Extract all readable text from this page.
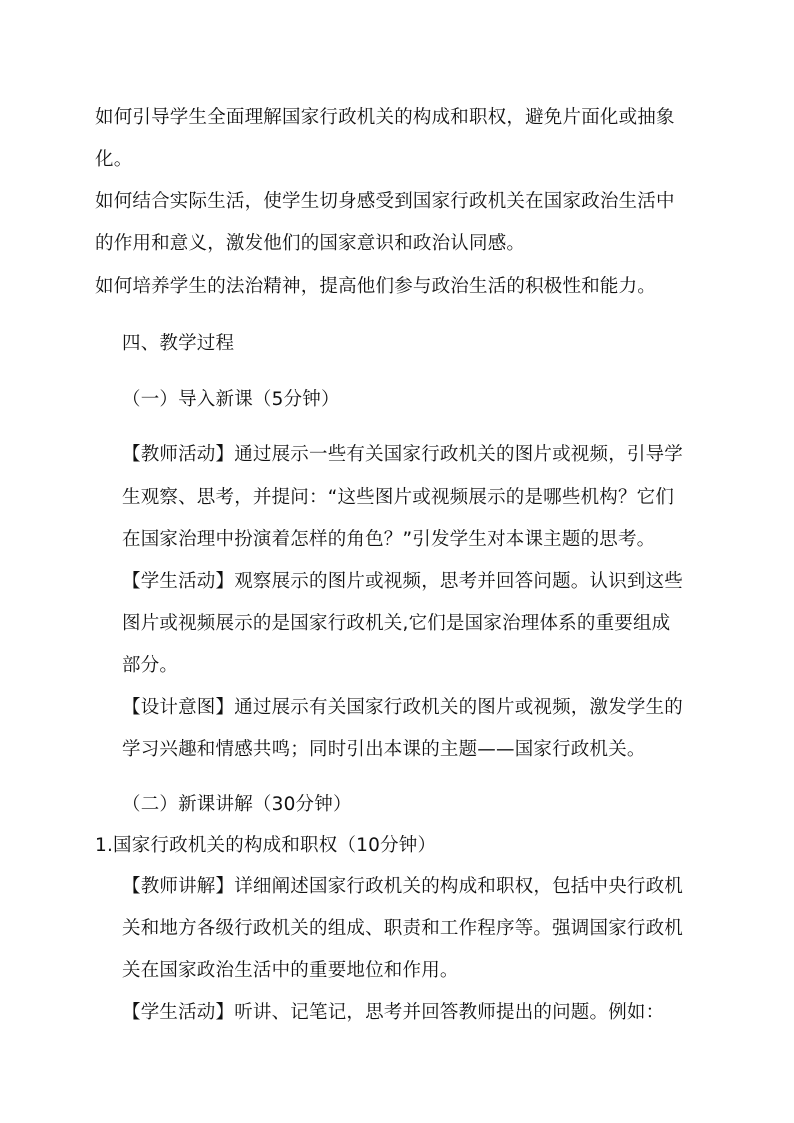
如何引导学生全面理解国家行政机关的构成和职权，避免片面化或抽象
化。
如何结合实际生活，使学生切身感受到国家行政机关在国家政治生活中
的作用和意义，激发他们的国家意识和政治认同感。
如何培养学生的法治精神，提高他们参与政治生活的积极性和能力。
四、教学过程
（一）导入新课（5分钟）
【教师活动】通过展示一些有关国家行政机关的图片或视频，引导学
生观察、思考，并提问：“这些图片或视频展示的是哪些机构？它们
在国家治理中扮演着怎样的角色？”引发学生对本课主题的思考。
【学生活动】观察展示的图片或视频，思考并回答问题。认识到这些
图片或视频展示的是国家行政机关,它们是国家治理体系的重要组成
部分。
【设计意图】通过展示有关国家行政机关的图片或视频，激发学生的
学习兴趣和情感共鸣；同时引出本课的主题——国家行政机关。
（二）新课讲解（30分钟）
1.国家行政机关的构成和职权（10分钟）
【教师讲解】详细阐述国家行政机关的构成和职权，包括中央行政机
关和地方各级行政机关的组成、职责和工作程序等。强调国家行政机
关在国家政治生活中的重要地位和作用。
【学生活动】听讲、记笔记，思考并回答教师提出的问题。例如：
